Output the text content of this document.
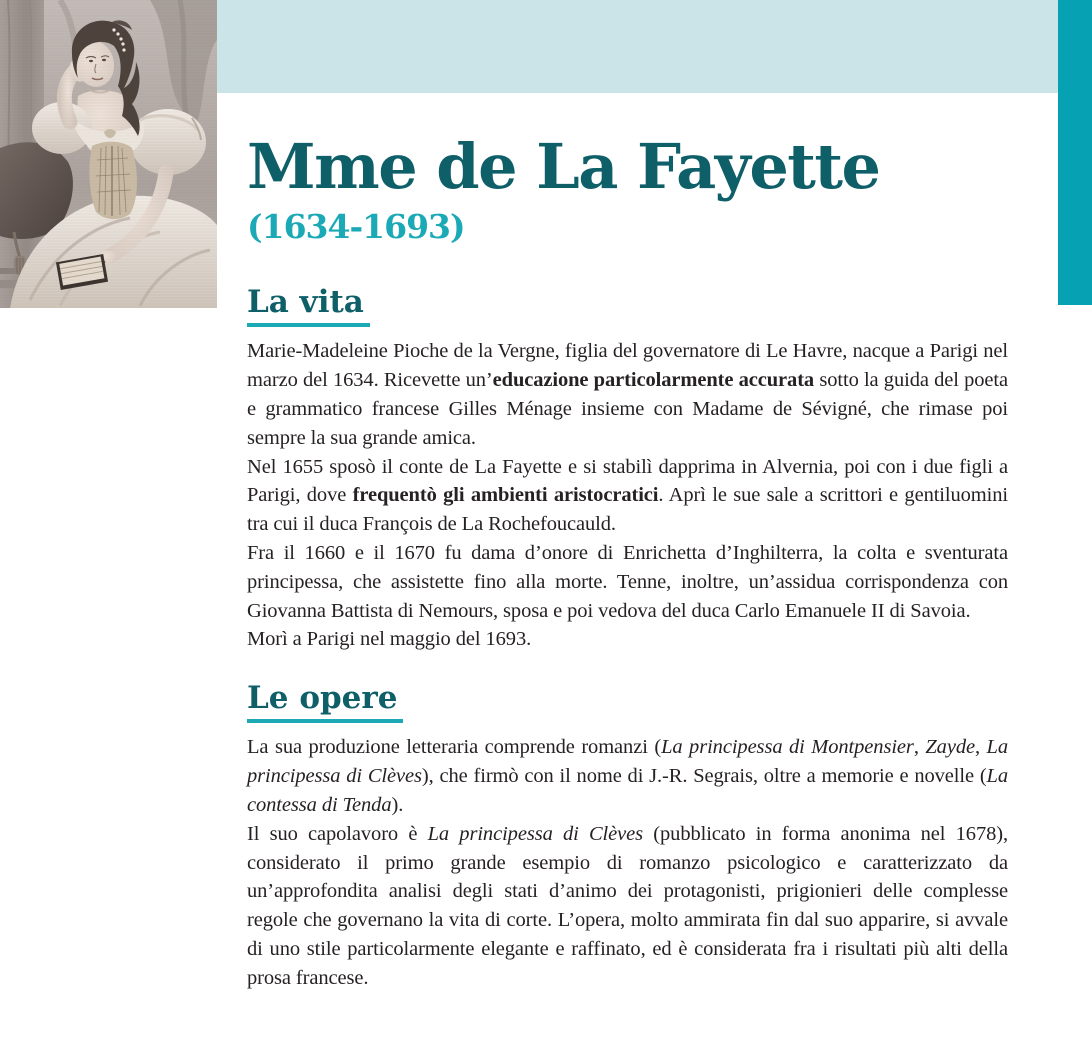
Mme de La Fayette
(1634-1693)
La vita

Marie-Madeleine Pioche de la Vergne, figlia del governatore di Le Havre, nacque a Parigi nel marzo del 1634. Ricevette un’educazione particolarmente accurata sotto la guida del poeta e grammatico francese Gilles Ménage insieme con Madame de Sévigné, che rimase poi sempre la sua grande amica.

Nel 1655 sposò il conte de La Fayette e si stabilì dapprima in Alvernia, poi con i due figli a Parigi, dove frequentò gli ambienti aristocratici. Aprì le sue sale a scrittori e gentiluomini tra cui il duca François de La Rochefoucauld.

Fra il 1660 e il 1670 fu dama d’onore di Enrichetta d’Inghilterra, la colta e sventurata principessa, che assistette fino alla morte. Tenne, inoltre, un’assidua corrispondenza con Giovanna Battista di Nemours, sposa e poi vedova del duca Carlo Emanuele II di Savoia.

Morì a Parigi nel maggio del 1693.

Le opere

La sua produzione letteraria comprende romanzi (La principessa di Montpensier, Zayde, La principessa di Clèves), che firmò con il nome di J.-R. Segrais, oltre a memorie e novelle (La contessa di Tenda).

Il suo capolavoro è La principessa di Clèves (pubblicato in forma anonima nel 1678), considerato il primo grande esempio di romanzo psicologico e caratterizzato da un’approfondita analisi degli stati d’animo dei protagonisti, prigionieri delle complesse regole che governano la vita di corte. L’opera, molto ammirata fin dal suo apparire, si avvale di uno stile particolarmente elegante e raffinato, ed è considerata fra i risultati più alti della prosa francese.
